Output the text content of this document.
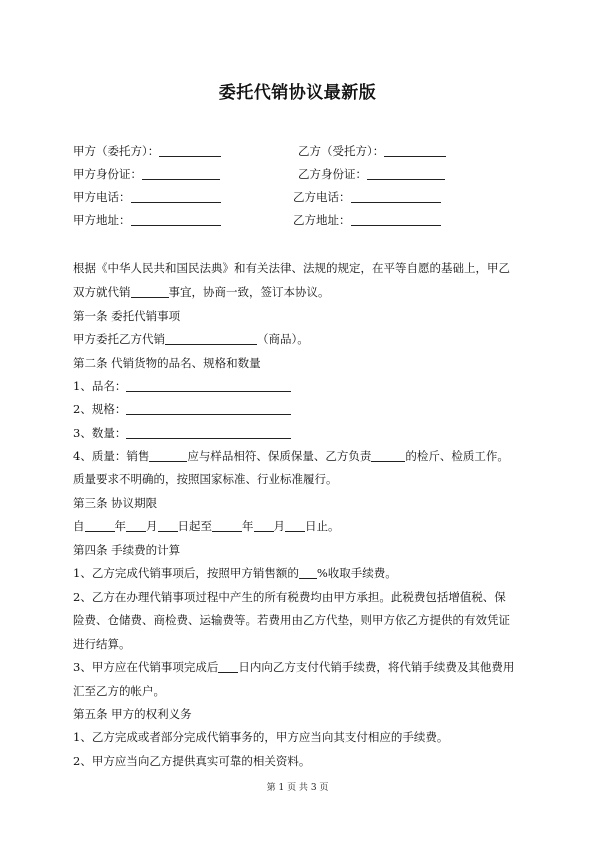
委托代销协议最新版
甲方（委托方）：	乙方（受托方）：
甲方身份证：	乙方身份证：
甲方电话：	乙方电话：
甲方地址：	乙方地址：
根据《中华人民共和国民法典》和有关法律、法规的规定，在平等自愿的基础上，甲乙
双方就代销	事宜，协商一致，签订本协议。
第一条 委托代销事项
甲方委托乙方代销	（商品）。
第二条 代销货物的品名、规格和数量
1、品名：
2、规格：
3、数量：
4、质量：销售	应与样品相符、保质保量、乙方负责	的检斤、检质工作。
质量要求不明确的，按照国家标准、行业标准履行。
第三条 协议期限
自	年 月 日起至	年 月 日止。
第四条 手续费的计算
1、乙方完成代销事项后，按照甲方销售额的 %收取手续费。
2、乙方在办理代销事项过程中产生的所有税费均由甲方承担。此税费包括增值税、保
险费、仓储费、商检费、运输费等。若费用由乙方代垫，则甲方依乙方提供的有效凭证
进行结算。
3、甲方应在代销事项完成后 日内向乙方支付代销手续费，将代销手续费及其他费用
汇至乙方的帐户。
第五条 甲方的权利义务
1、乙方完成或者部分完成代销事务的，甲方应当向其支付相应的手续费。
2、甲方应当向乙方提供真实可靠的相关资料。
第 1 页 共 3 页
